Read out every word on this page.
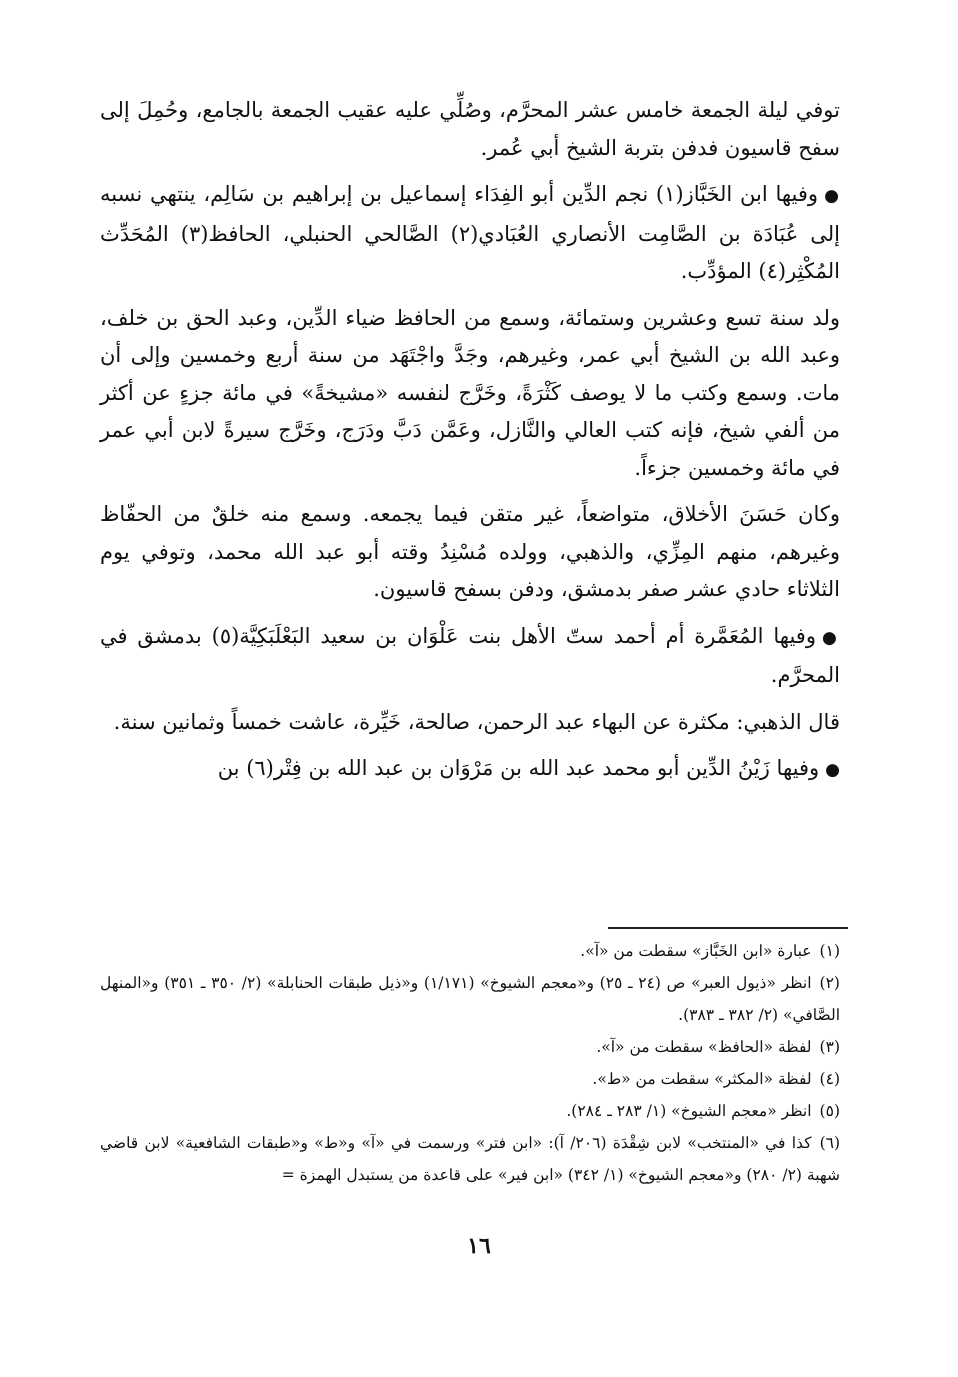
توفي ليلة الجمعة خامس عشر المحرَّم، وصُلِّي عليه عقيب الجمعة بالجامع، وحُمِلَ إلى سفح قاسيون فدفن بتربة الشيخ أبي عُمر.

●وفيها ابن الخَبَّاز(١) نجم الدِّين أبو الفِدَاء إسماعيل بن إبراهيم بن سَالِم، ينتهي نسبه إلى عُبَادَة بن الصَّامِت الأنصاري العُبَادي(٢) الصَّالحي الحنبلي، الحافظ(٣) المُحَدِّث المُكْثِر(٤) المؤدِّب.

ولد سنة تسع وعشرين وستمائة، وسمع من الحافظ ضياء الدِّين، وعبد الحق بن خلف، وعبد الله بن الشيخ أبي عمر، وغيرهم، وجَدَّ واجْتَهَد من سنة أربع وخمسين وإلى أن مات. وسمع وكتب ما لا يوصف كَثْرَةً، وخَرَّج لنفسه «مشيخةً» في مائة جزءٍ عن أكثر من ألفي شيخ، فإنه كتب العالي والنَّازل، وعَمَّن دَبَّ ودَرَج، وخَرَّج سيرةً لابن أبي عمر في مائة وخمسين جزءاً.

وكان حَسَنَ الأخلاق، متواضعاً، غير متقن فيما يجمعه. وسمع منه خلقٌ من الحفّاظ وغيرهم، منهم المِزِّي، والذهبي، وولده مُسْنِدُ وقته أبو عبد الله محمد، وتوفي يوم الثلاثاء حادي عشر صفر بدمشق، ودفن بسفح قاسيون.

●وفيها المُعَمَّرة أم أحمد ستّ الأهل بنت عَلْوَان بن سعيد البَعْلَبَكِيَّة(٥) بدمشق في المحرَّم.

قال الذهبي: مكثرة عن البهاء عبد الرحمن، صالحة، خَيِّرة، عاشت خمساً وثمانين سنة.

●وفيها زَيْنُ الدِّين أبو محمد عبد الله بن مَرْوَان بن عبد الله بن فِتْر(٦) بن

(١)عبارة «ابن الخَبَّاز» سقطت من «آ».

(٢)انظر «ذيول العبر» ص (٢٤ ـ ٢٥) و«معجم الشيوخ» (١/١٧١) و«ذيل طبقات الحنابلة» (٢/ ٣٥٠ ـ ٣٥١) و«المنهل الصَّافي» (٢/ ٣٨٢ ـ ٣٨٣).

(٣)لفظة «الحافظ» سقطت من «آ».

(٤)لفظة «المكثر» سقطت من «ط».

(٥)انظر «معجم الشيوخ» (١/ ٢٨٣ ـ ٢٨٤).

(٦)كذا في «المنتخب» لابن شِقْدَة (٢٠٦/ آ): «ابن فتر» ورسمت في «آ» و«ط» و«طبقات الشافعية» لابن قاضي شهبة (٢/ ٢٨٠) و«معجم الشيوخ» (١/ ٣٤٢) «ابن فير» على قاعدة من يستبدل الهمزة =

١٦
